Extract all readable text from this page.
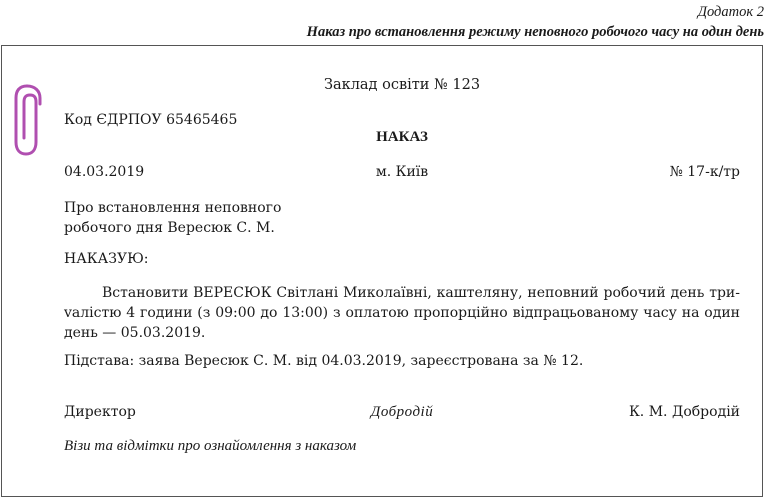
Додаток 2
Наказ про встановлення режиму неповного робочого часу на один день
Заклад освіти № 123
Код ЄДРПОУ 65465465
НАКАЗ
04.03.2019	м. Київ	№ 17-к/тр
Про встановлення неповного
робочого дня Вересюк С. М.
НАКАЗУЮ:
Встановити ВЕРЕСЮК Світлані Миколаївні, каштеляну, неповний робочий день триvалістю 4 години (з 09:00 до 13:00) з оплатою пропорційно відпрацьованому часу на один день — 05.03.2019.
Підстава: заява Вересюк С. М. від 04.03.2019, зареєстрована за № 12.
Директор	Добродій	К. М. Добродій
Візи та відмітки про ознайомлення з наказом
